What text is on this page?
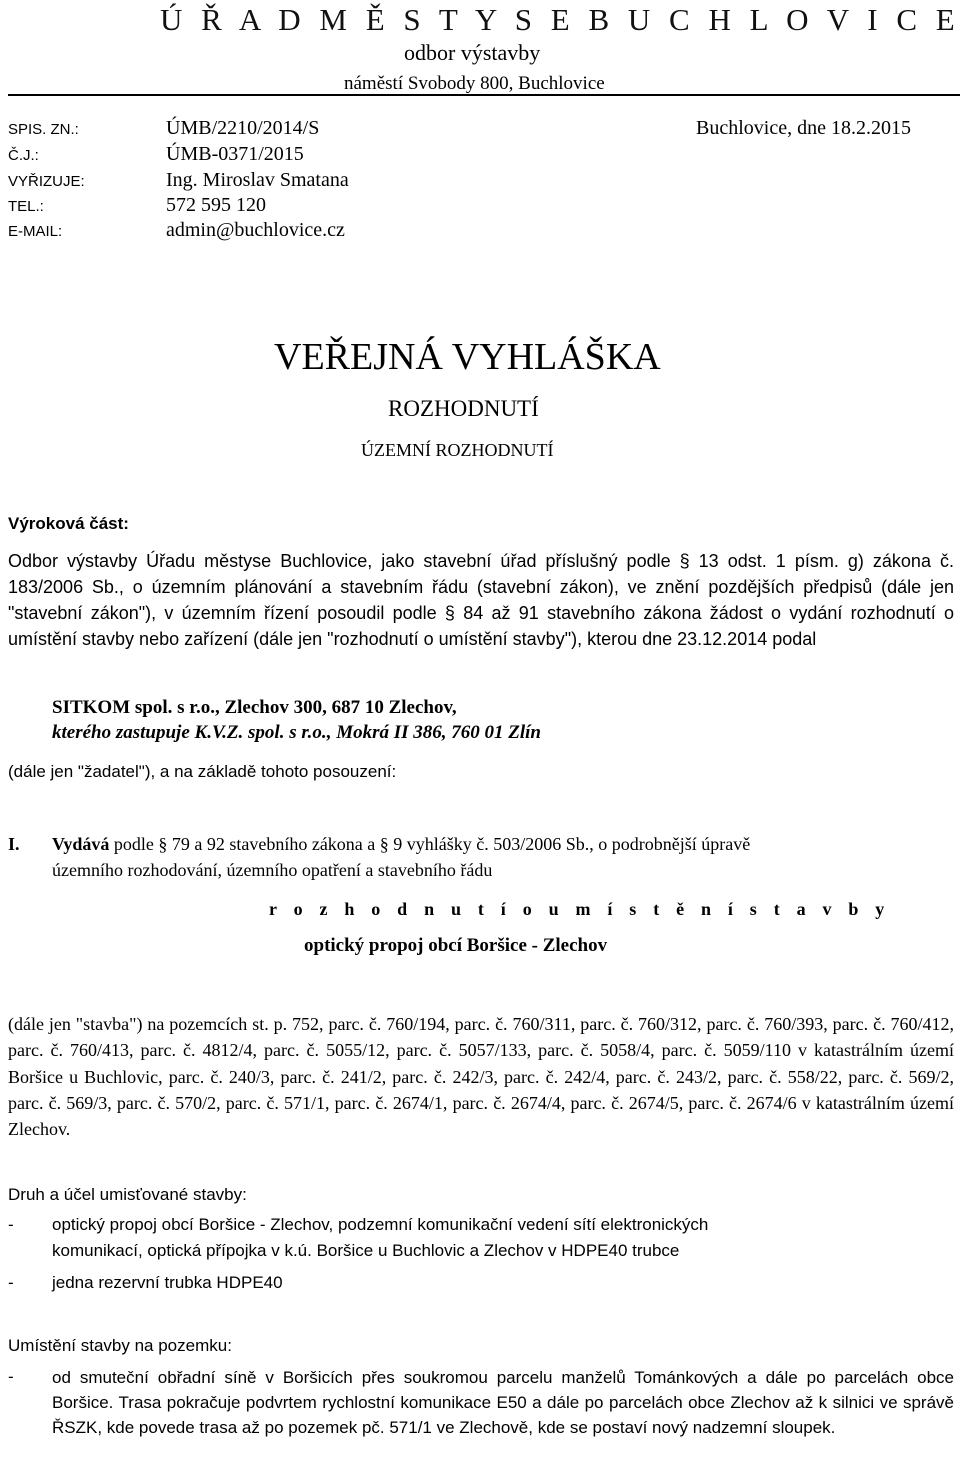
Ú Ř A D M Ě S T Y S E B U C H L O V I C E
odbor výstavby
náměstí Svobody 800, Buchlovice
SPIS. ZN.:	ÚMB/2210/2014/S	Buchlovice, dne 18.2.2015
Č.J.:	ÚMB-0371/2015
VYŘIZUJE:	Ing. Miroslav Smatana
TEL.:	572 595 120
E-MAIL:	admin@buchlovice.cz
VEŘEJNÁ VYHLÁŠKA
ROZHODNUTÍ
ÚZEMNÍ ROZHODNUTÍ
Výroková část:
Odbor výstavby Úřadu městyse Buchlovice, jako stavební úřad příslušný podle § 13 odst. 1 písm. g) zákona č. 183/2006 Sb., o územním plánování a stavebním řádu (stavební zákon), ve znění pozdějších předpisů (dále jen "stavební zákon"), v územním řízení posoudil podle § 84 až 91 stavebního zákona žádost o vydání rozhodnutí o umístění stavby nebo zařízení (dále jen "rozhodnutí o umístění stavby"), kterou dne 23.12.2014 podal
SITKOM spol. s r.o., Zlechov 300, 687 10 Zlechov,
kterého zastupuje K.V.Z. spol. s r.o., Mokrá II 386, 760 01 Zlín
(dále jen "žadatel"), a na základě tohoto posouzení:
I. Vydává podle § 79 a 92 stavebního zákona a § 9 vyhlášky č. 503/2006 Sb., o podrobnější úpravě
územního rozhodování, územního opatření a stavebního řádu
r o z h o d n u t í o u m í s t ě n í s t a v b y
optický propoj obcí Boršice - Zlechov
(dále jen "stavba") na pozemcích st. p. 752, parc. č. 760/194, parc. č. 760/311, parc. č. 760/312, parc. č. 760/393, parc. č. 760/412, parc. č. 760/413, parc. č. 4812/4, parc. č. 5055/12, parc. č. 5057/133, parc. č. 5058/4, parc. č. 5059/110 v katastrálním území Boršice u Buchlovic, parc. č. 240/3, parc. č. 241/2, parc. č. 242/3, parc. č. 242/4, parc. č. 243/2, parc. č. 558/22, parc. č. 569/2, parc. č. 569/3, parc. č. 570/2, parc. č. 571/1, parc. č. 2674/1, parc. č. 2674/4, parc. č. 2674/5, parc. č. 2674/6 v katastrálním území Zlechov.
Druh a účel umisťované stavby:
- optický propoj obcí Boršice - Zlechov, podzemní komunikační vedení sítí elektronických
komunikací, optická přípojka v k.ú. Boršice u Buchlovic a Zlechov v HDPE40 trubce
- jedna rezervní trubka HDPE40
Umístění stavby na pozemku:
- od smuteční obřadní síně v Boršicích přes soukromou parcelu manželů Tománkových a dále po parcelách obce Boršice. Trasa pokračuje podvrtem rychlostní komunikace E50 a dále po parcelách obce Zlechov až k silnici ve správě ŘSZK, kde povede trasa až po pozemek pč. 571/1 ve Zlechově, kde se postaví nový nadzemní sloupek.
